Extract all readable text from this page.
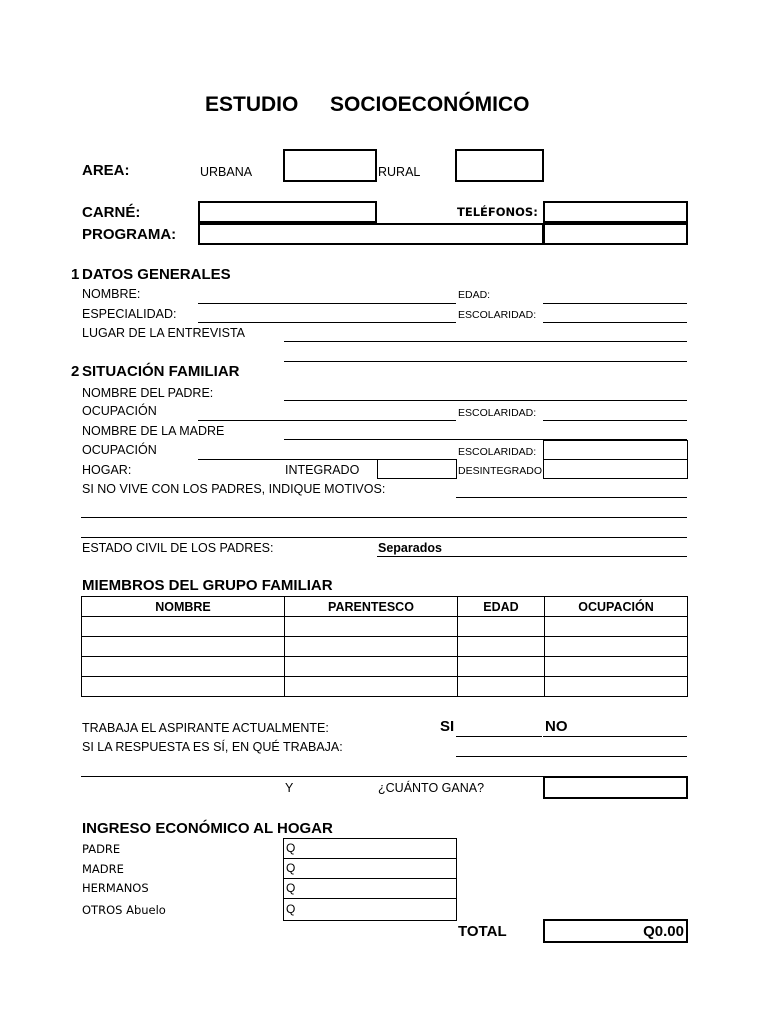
ESTUDIO SOCIOECONÓMICO
AREA:	URBANA	RURAL
CARNÉ:	TELÉFONOS:
PROGRAMA:
1 DATOS GENERALES
NOMBRE:	EDAD:
ESPECIALIDAD:	ESCOLARIDAD:
LUGAR DE LA ENTREVISTA
2 SITUACIÓN FAMILIAR
NOMBRE DEL PADRE:
OCUPACIÓN	ESCOLARIDAD:
NOMBRE DE LA MADRE
OCUPACIÓN	ESCOLARIDAD:
HOGAR:	INTEGRADO	DESINTEGRADO
SI NO VIVE CON LOS PADRES, INDIQUE MOTIVOS:
ESTADO CIVIL DE LOS PADRES:	Separados
MIEMBROS DEL GRUPO FAMILIAR
NOMBRE	PARENTESCO	EDAD	OCUPACIÓN

TRABAJA EL ASPIRANTE ACTUALMENTE:	SI	NO
SI LA RESPUESTA ES SÍ, EN QUÉ TRABAJA:
Y	¿CUÁNTO GANA?
INGRESO ECONÓMICO AL HOGAR
PADRE	Q
MADRE	Q
HERMANOS	Q
OTROS Abuelo	Q
TOTAL	Q0.00
